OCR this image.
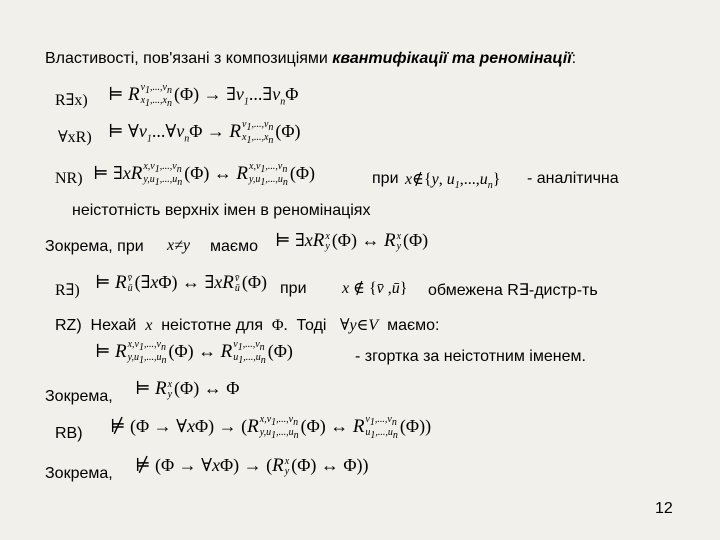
Властивості, пов'язані з композиціями квантифікації та реномінації:
R∃x) ⊨ R $v_1,...,v_n$
$x_1,...,x_n$ $(\Phi) \to \exists v_1...\exists v_n\Phi$
∀xR) ⊨ $\forall v_1...\forall v_n\Phi \to R$ $v_1,...,v_n$
$x_1,...,x_n$ (Φ)
NR) ⊨ ∃xR $x,v_1,...,v_n$
$y,u_1,...,u_n$ (Φ) ↔ R $x,v_1,...,v_n$
$y,u_1,...,u_n$ (Φ)	при x∉{y, $u_1,...,u_n$} - аналітична
неістотність верхніх імен в реномінаціях
Зокрема, при x≠y маємо ⊨ ∃xR x
y (Φ) ↔ R x
y (Φ)
R∃) ⊨ R v̄
ū (∃xΦ) ↔ ∃xR v̄
ū (Φ) при x ∉ {v̄ ,ū} обмежена R∃-дистр-ть
RZ) Нехай x неістотне для Φ. Тоді ∀y∈V маємо:
⊨ R $x,v_1,...,v_n$
$y,u_1,...,u_n$ (Φ) ↔ R $v_1,...,v_n$
$u_1,...,u_n$ (Φ)	- згортка за неістотним іменем.
Зокрема, ⊨ R x
y (Φ) ↔ Φ
RB) ⊭ (Φ → ∀xΦ) → (R $x,v_1,...,v_n$
$y,u_1,...,u_n$ (Φ) ↔ R $v_1,...,v_n$
$u_1,...,u_n$ (Φ))
Зокрема, ⊭ (Φ → ∀xΦ) → (R x
y (Φ) ↔ Φ))
12
